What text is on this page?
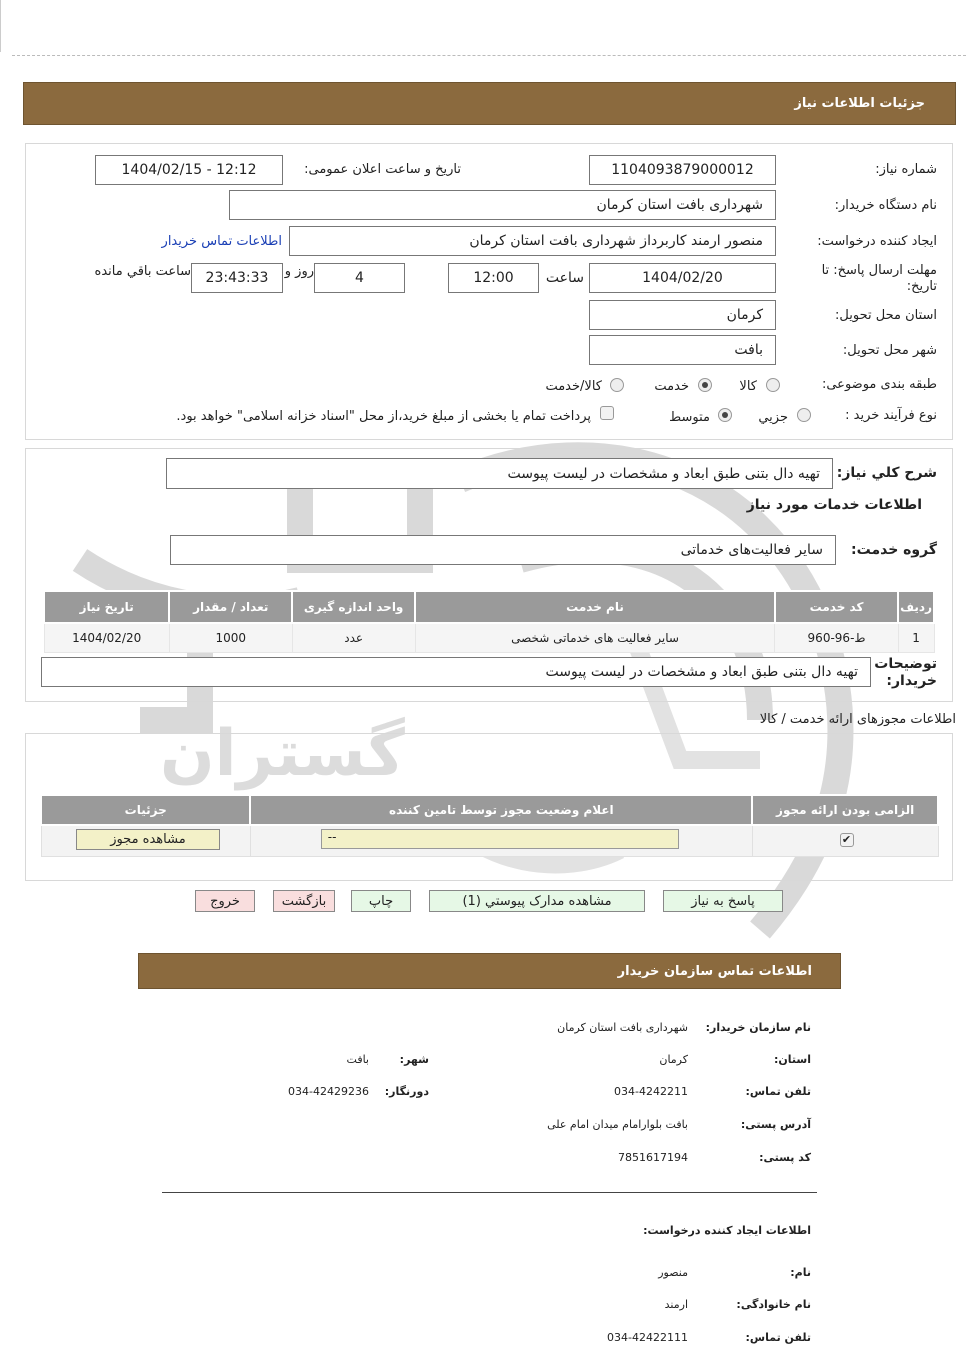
گستران
جزئیات اطلاعات نیاز
شماره نیاز:
1104093879000012
تاریخ و ساعت اعلان عمومی:
1404/02/15 - 12:12
نام دستگاه خریدار:
شهرداری بافت استان کرمان
ایجاد کننده درخواست:
منصور ارمند کاربرداز شهرداری بافت استان کرمان
اطلاعات تماس خریدار
مهلت ارسال پاسخ: تا تاریخ:
1404/02/20
ساعت
12:00
4
روز و
23:43:33
ساعت باقي مانده
استان محل تحویل:
کرمان
شهر محل تحویل:
بافت
طبقه بندی موضوعی:
کالا
خدمت
کالا/خدمت
نوع فرآیند خرید :
جزيي
متوسط
پرداخت تمام یا بخشی از مبلغ خرید،از محل "اسناد خزانه اسلامی" خواهد بود.
شرح کلي نياز:
تهیه دال بتنی طبق ابعاد و مشخصات در لیست پیوست
اطلاعات خدمات مورد نیاز
گروه خدمت:
سایر فعالیت‌های خدماتی
رديف	کد خدمت	نام خدمت	واحد اندازه گیری	تعداد / مقدار	تاریخ نیاز
1	ط-96-960	سایر فعالیت های خدماتی شخصی	عدد	1000	1404/02/20
توضیحات خریدار:
تهیه دال بتنی طبق ابعاد و مشخصات در لیست پیوست
اطلاعات مجوزهای ارائه خدمت / کالا
الزامی بودن ارائه مجوز	اعلام وضعیت مجوز توسط تامین کننده	جزئیات

✔	--	مشاهده مجوز
پاسخ به نیاز
مشاهده مدارک پیوستي (1)
چاپ
بازگشت
خروج
اطلاعات تماس سازمان خریدار
نام سازمان خریدار:
شهرداری بافت استان کرمان
استان:
کرمان
شهر:
بافت
تلفن تماس:
034-4242211
دورنگار:
034-42429236
آدرس پستی:
بافت بلوارامام میدان امام علی
کد پستی:
7851617194
اطلاعات ایجاد کننده درخواست:
نام:
منصور
نام خانوادگی:
ارمند
تلفن تماس:
034-42422111
